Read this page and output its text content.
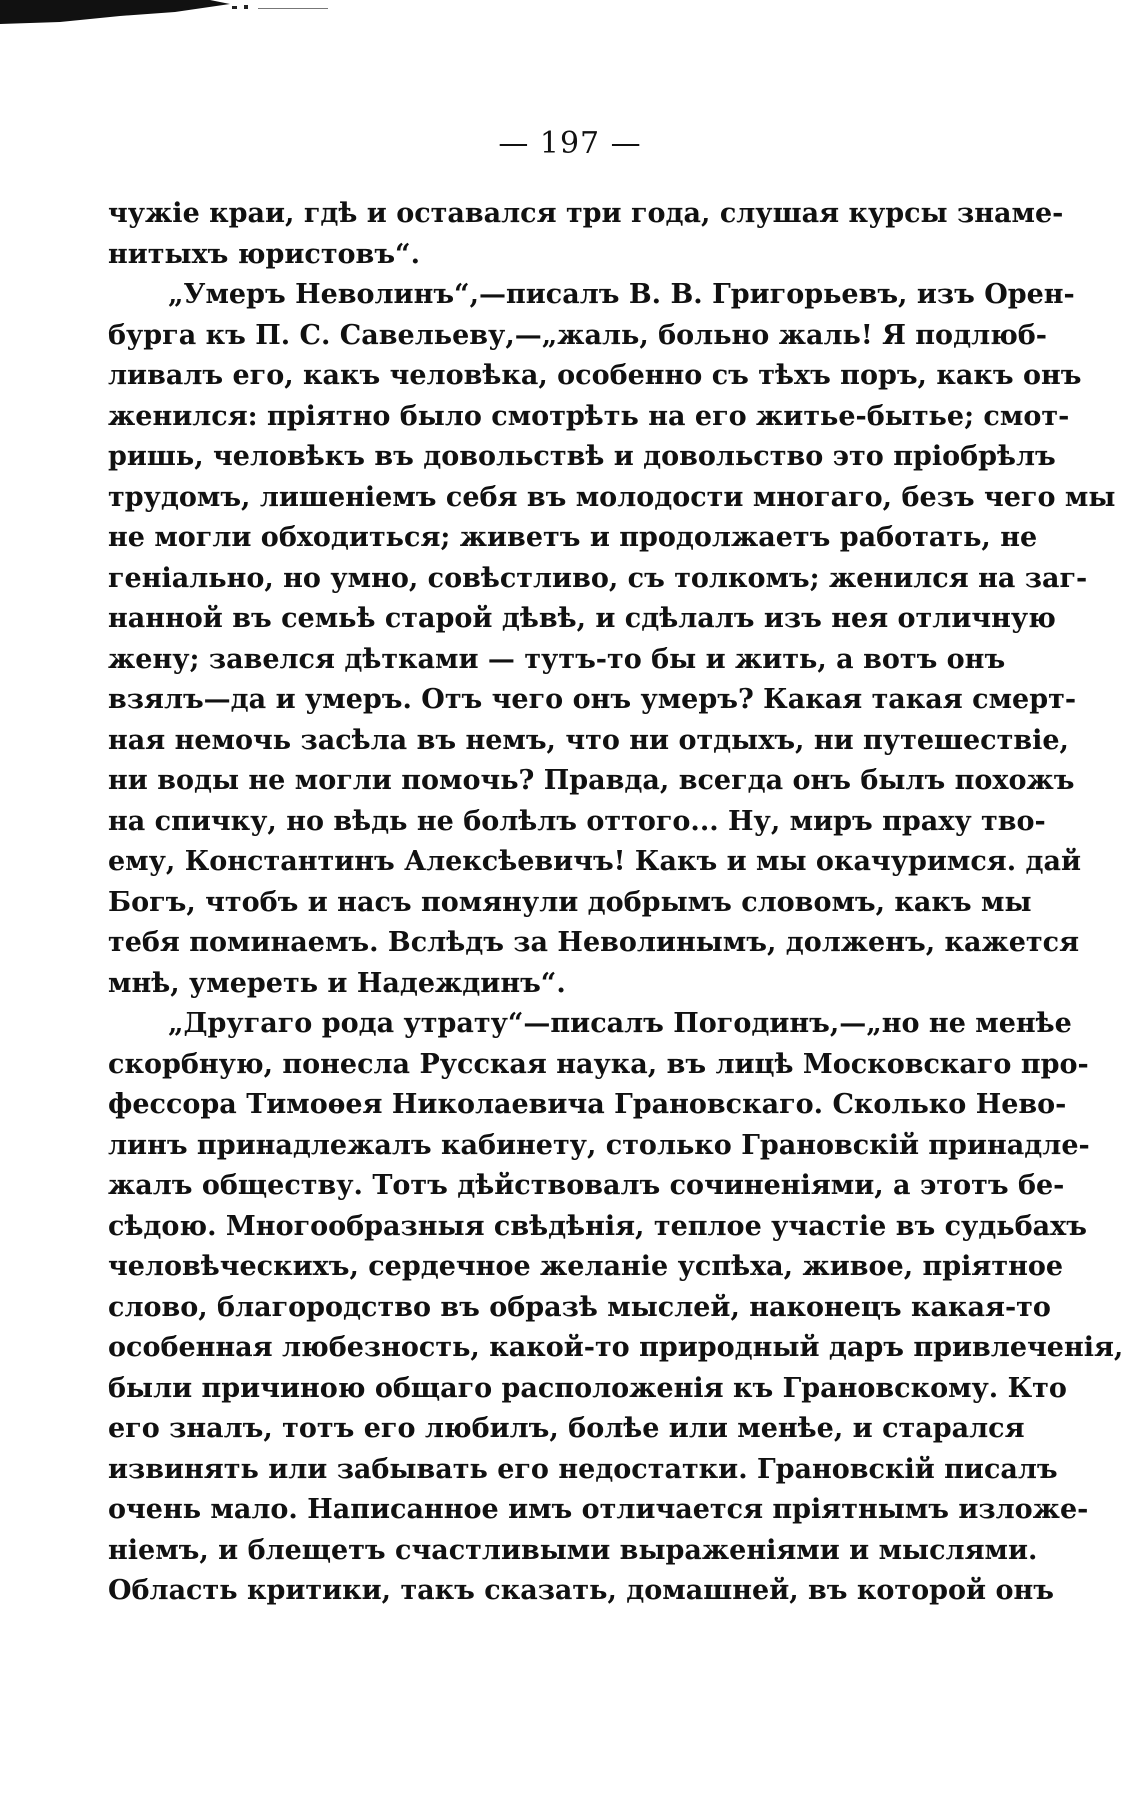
— 197 —
чужіе краи, гдѣ и оставался три года, слушая курсы знаме-
нитыхъ юристовъ“.
„Умеръ Неволинъ“,—писалъ В. В. Григорьевъ, изъ Орен-
бурга къ П. С. Савельеву,—„жаль, больно жаль! Я подлюб-
ливалъ его, какъ человѣка, особенно съ тѣхъ поръ, какъ онъ
женился: пріятно было смотрѣть на его житье-бытье; смот-
ришь, человѣкъ въ довольствѣ и довольство это пріобрѣлъ
трудомъ, лишеніемъ себя въ молодости многаго, безъ чего мы
не могли обходиться; живетъ и продолжаетъ работать, не
геніально, но умно, совѣстливо, съ толкомъ; женился на заг-
нанной въ семьѣ старой дѣвѣ, и сдѣлалъ изъ нея отличную
жену; завелся дѣтками — тутъ-то бы и жить, а вотъ онъ
взялъ—да и умеръ. Отъ чего онъ умеръ? Какая такая смерт-
ная немочь засѣла въ немъ, что ни отдыхъ, ни путешествіе,
ни воды не могли помочь? Правда, всегда онъ былъ похожъ
на спичку, но вѣдь не болѣлъ оттого... Ну, миръ праху тво-
ему, Константинъ Алексѣевичъ! Какъ и мы окачуримся. дай
Богъ, чтобъ и насъ помянули добрымъ словомъ, какъ мы
тебя поминаемъ. Вслѣдъ за Неволинымъ, долженъ, кажется
мнѣ, умереть и Надеждинъ“.
„Другаго рода утрату“—писалъ Погодинъ,—„но не менѣе
скорбную, понесла Русская наука, въ лицѣ Московскаго про-
фессора Тимоѳея Николаевича Грановскаго. Сколько Нево-
линъ принадлежалъ кабинету, столько Грановскій принадле-
жалъ обществу. Тотъ дѣйствовалъ сочиненіями, а этотъ бе-
сѣдою. Многообразныя свѣдѣнія, теплое участіе въ судьбахъ
человѣческихъ, сердечное желаніе успѣха, живое, пріятное
слово, благородство въ образѣ мыслей, наконецъ какая-то
особенная любезность, какой-то природный даръ привлеченія,
были причиною общаго расположенія къ Грановскому. Кто
его зналъ, тотъ его любилъ, болѣе или менѣе, и старался
извинять или забывать его недостатки. Грановскій писалъ
очень мало. Написанное имъ отличается пріятнымъ изложе-
ніемъ, и блещетъ счастливыми выраженіями и мыслями.
Область критики, такъ сказать, домашней, въ которой онъ
